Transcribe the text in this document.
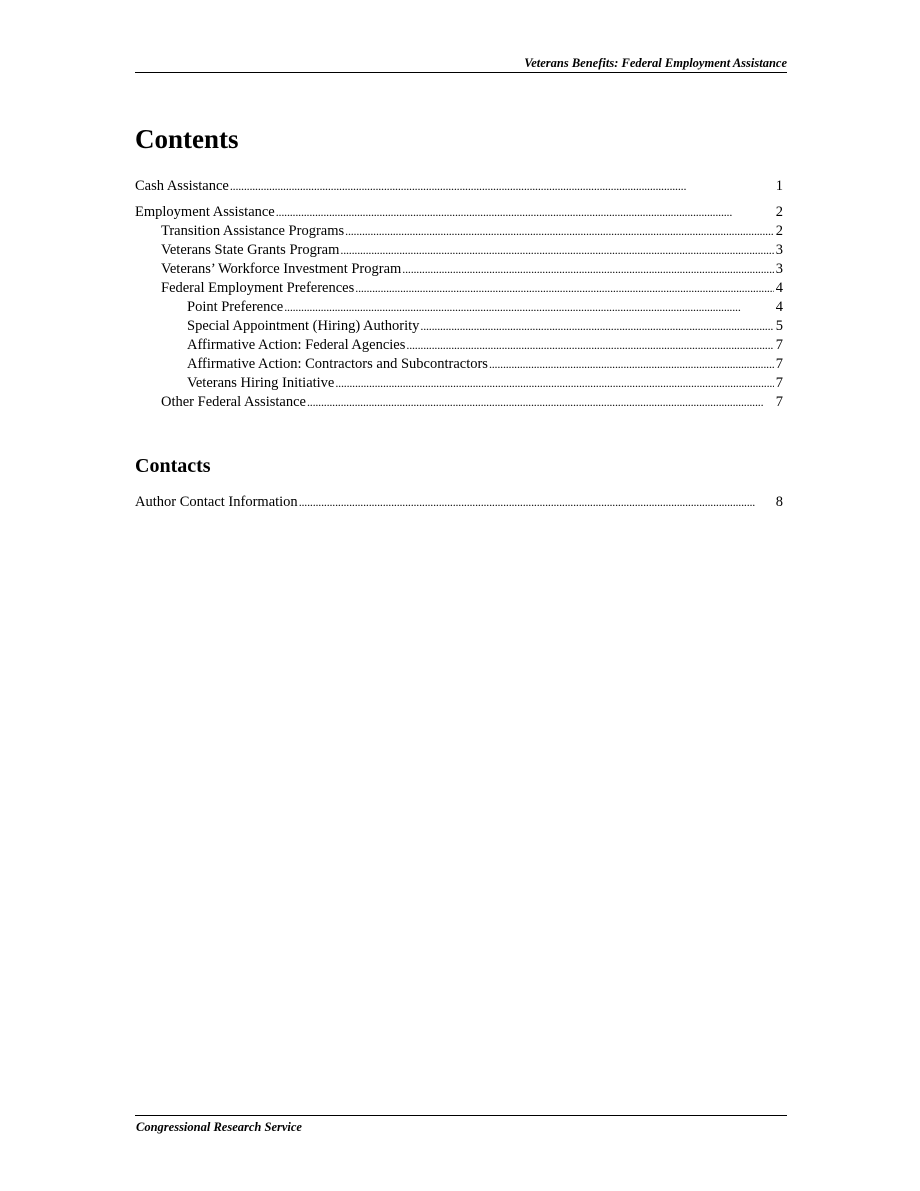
Veterans Benefits: Federal Employment Assistance
Contents
Cash Assistance . . .	1
Employment Assistance . . .	2
Transition Assistance Programs . . .	2
Veterans State Grants Program . . .	3
Veterans’ Workforce Investment Program . . .	3
Federal Employment Preferences . . .	4
Point Preference . . .	4
Special Appointment (Hiring) Authority . . .	5
Affirmative Action: Federal Agencies . . .	7
Affirmative Action: Contractors and Subcontractors . . .	7
Veterans Hiring Initiative . . .	7
Other Federal Assistance . . .	7
Contacts
Author Contact Information . . .	8
Congressional Research Service
